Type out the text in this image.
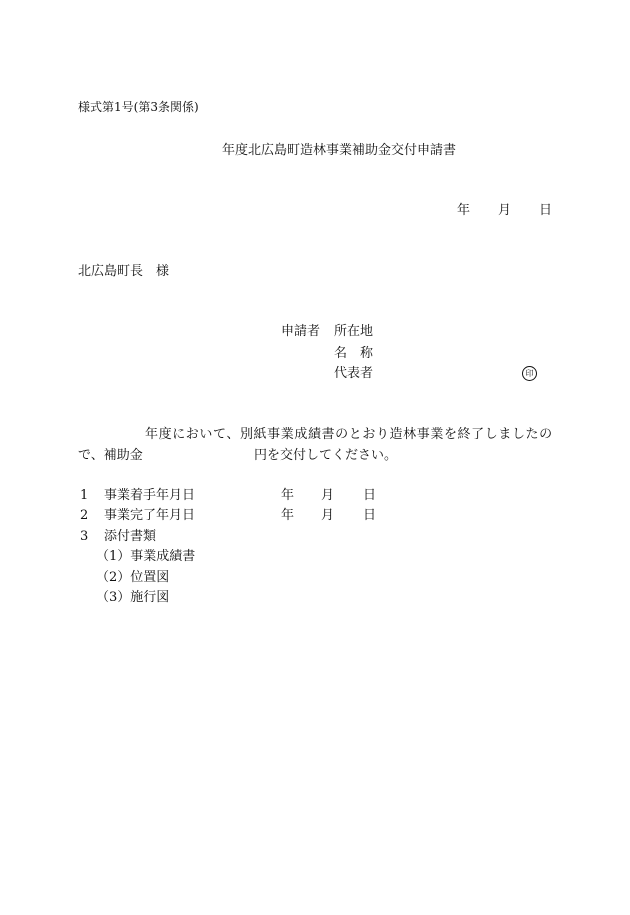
様式第1号(第3条関係)
年度北広島町造林事業補助金交付申請書
年 月 日
北広島町長　様
申請者 所在地
名　称
代表者	印
年度において、別紙事業成績書のとおり造林事業を終了しましたの
で、補助金	円を交付してください。
1 事業着手年月日	年 月 日
2 事業完了年月日	年 月 日
3 添付書類
（1）事業成績書
（2）位置図
（3）施行図
